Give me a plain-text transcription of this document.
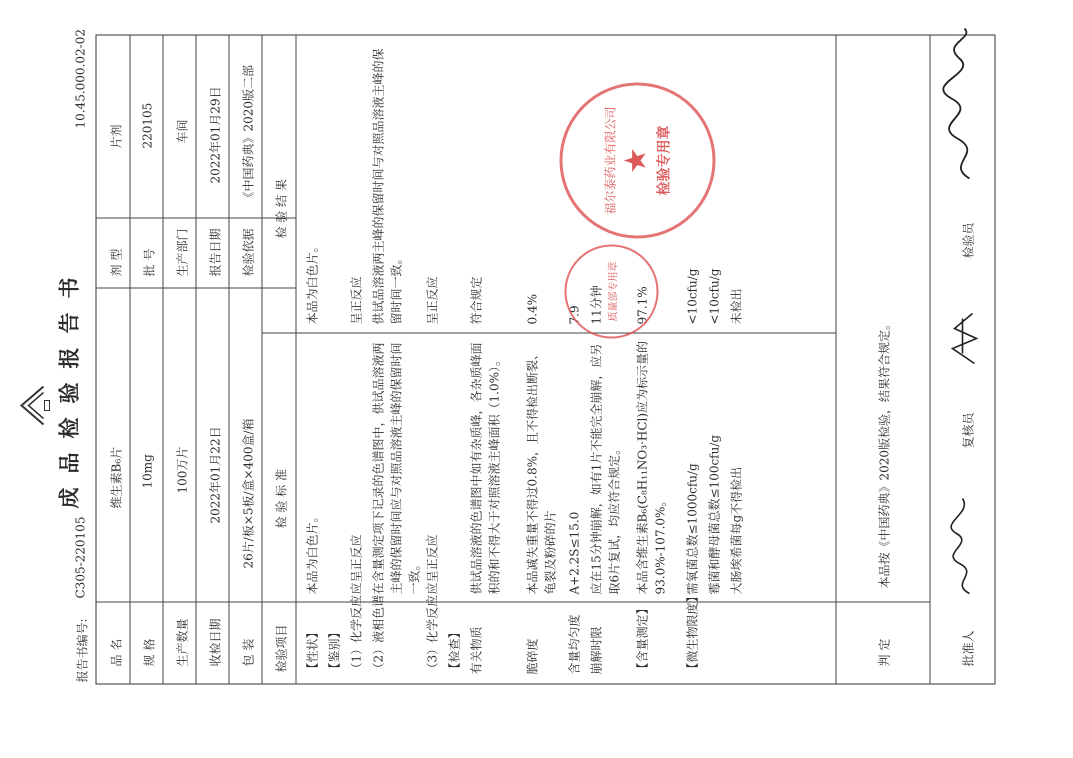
成品检验报告书
报告书编号:
C305-220105
10.45.000.02-02
品 名
维生素B₆片
剂 型
片剂
规 格
10mg
批 号
220105
生产数量
100万片
生产部门
车间
收检日期
2022年01月22日
报告日期
2022年01月29日
包 装
26片/板×5板/盒×400盒/箱
检验依据
《中国药典》2020版二部
检验项目
检 验 标 准
检 验 结 果
【性状】
本品为白色片。
本品为白色片。
【鉴别】 （1）化学反应
应呈正反应
呈正反应
（2）液相色谱
在含量测定项下记录的色谱图中，供试品溶液两主峰的保留时间应与对照品溶液主峰的保留时间一致。
供试品溶液两主峰的保留时间与对照品溶液主峰的保留时间一致。
（3）化学反应
应呈正反应
呈正反应
【检查】 有关物质
供试品溶液的色谱图中如有杂质峰，各杂质峰面积的和不得大于对照溶液主峰面积（1.0%）。
符合规定
脆碎度
本品减失重量不得过0.8%，且不得检出断裂、龟裂及粉碎的片
0.4%
含量均匀度
A+2.2S≤15.0
7.9
崩解时限
应在15分钟崩解，如有1片不能完全崩解，应另取6片复试，均应符合规定。
11分钟
【含量测定】
本品含维生素B₆(C₈H₁₁NO₃·HCl)应为标示量的93.0%-107.0%。
97.1%
【微生物限度】
需氧菌总数≤1000cfu/g
<10cfu/g
霉菌和酵母菌总数≤100cfu/g
<10cfu/g
大肠埃希菌每g不得检出
未检出
判 定
本品按《中国药典》2020版检验，结果符合规定。
批准人
复核员
检验员
福尔泰药业有限公司 ★ 检验专用章
质量部专用章
